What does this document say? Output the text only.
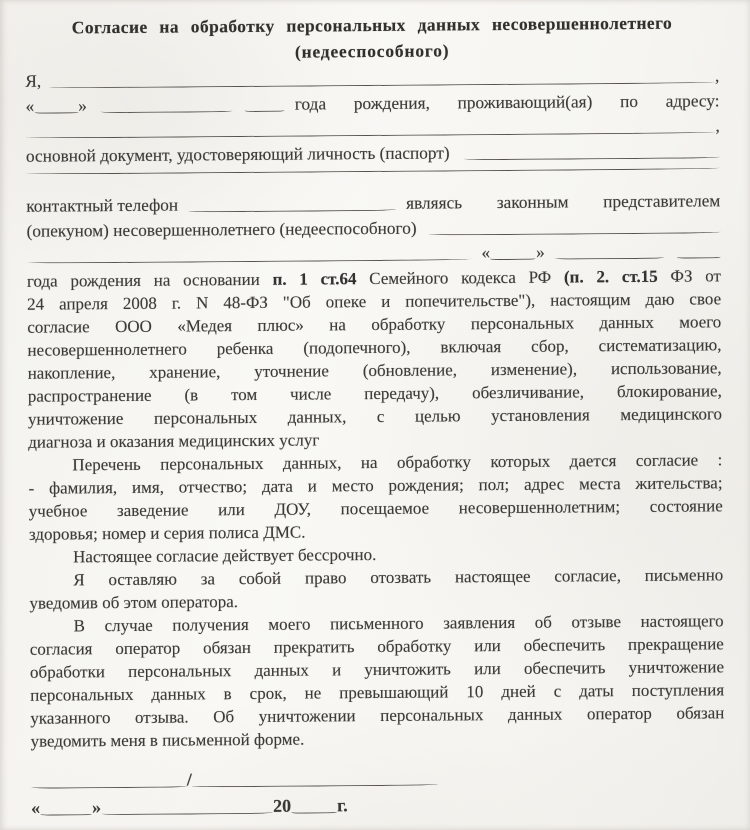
Согласие на обработку персональных данных несовершеннолетнего
(недееспособного)
Я,	,
«	»	года рождения, проживающий(ая) по адресу:
,
основной документ, удостоверяющий личность (паспорт)
контактный телефон	являясь законным представителем
(опекуном) несовершеннолетнего (недееспособного)
«	»
года рождения на основании п. 1 ст.64 Семейного кодекса РФ (п. 2. ст.15 ФЗ от
24 апреля 2008 г. N 48-ФЗ "Об опеке и попечительстве"), настоящим даю свое
согласие ООО «Медея плюс» на обработку персональных данных моего
несовершеннолетнего ребенка (подопечного), включая сбор, систематизацию,
накопление, хранение, уточнение (обновление, изменение), использование,
распространение (в том числе передачу), обезличивание, блокирование,
уничтожение персональных данных, с целью установления медицинского
диагноза и оказания медицинских услуг
Перечень персональных данных, на обработку которых дается согласие :
- фамилия, имя, отчество; дата и место рождения; пол; адрес места жительства;
учебное заведение или ДОУ, посещаемое несовершеннолетним; состояние
здоровья; номер и серия полиса ДМС.
Настоящее согласие действует бессрочно.
Я оставляю за собой право отозвать настоящее согласие, письменно
уведомив об этом оператора.
В случае получения моего письменного заявления об отзыве настоящего
согласия оператор обязан прекратить обработку или обеспечить прекращение
обработки персональных данных и уничтожить или обеспечить уничтожение
персональных данных в срок, не превышающий 10 дней с даты поступления
указанного отзыва. Об уничтожении персональных данных оператор обязан
уведомить меня в письменной форме.
/
«	»	20	г.
